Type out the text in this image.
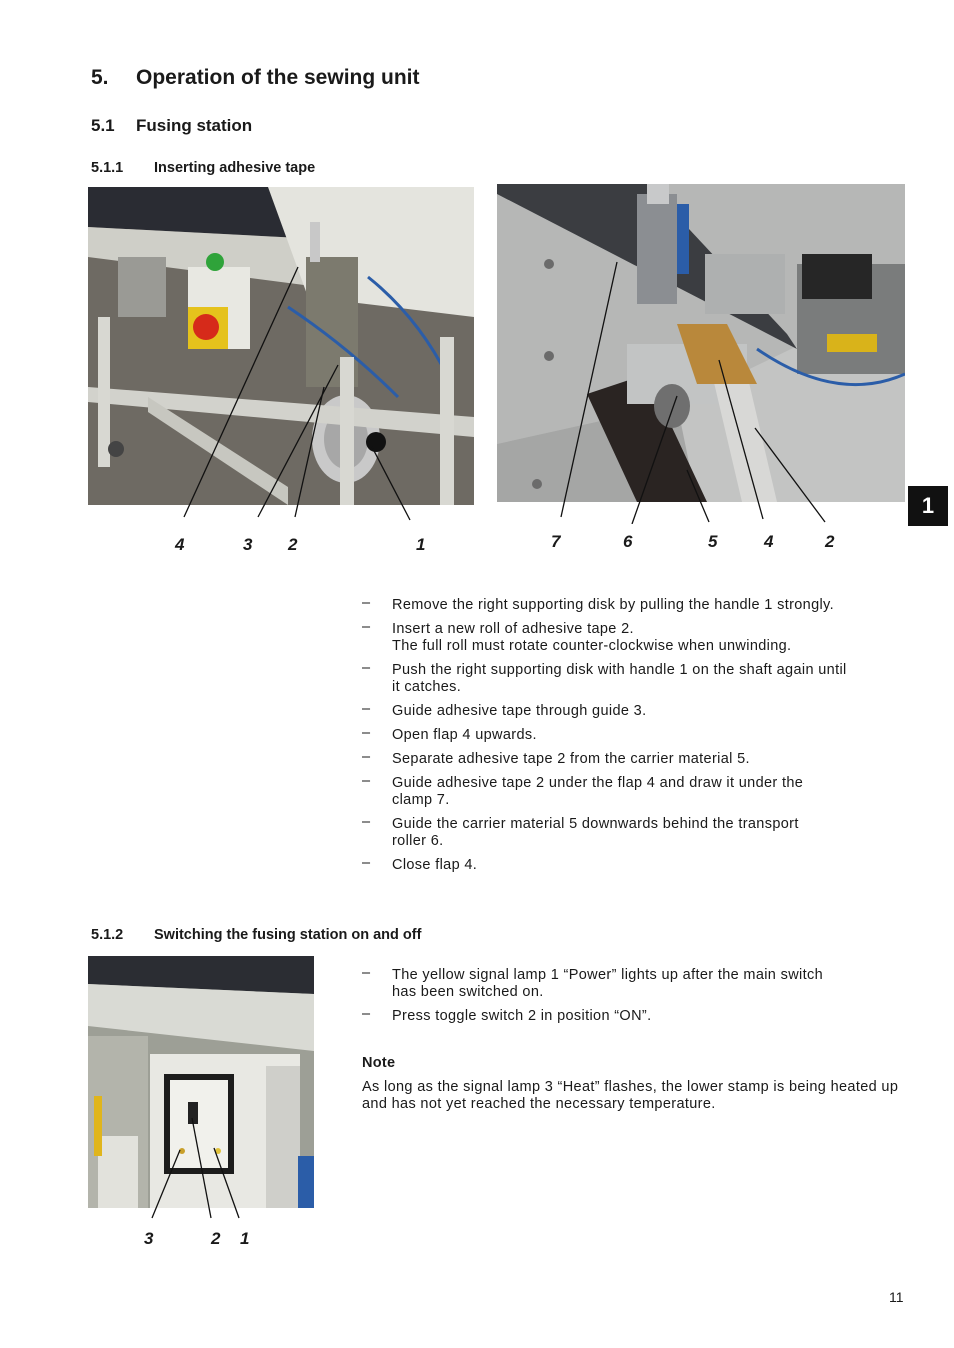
5. Operation of the sewing unit
5.1 Fusing station
5.1.1 Inserting adhesive tape
4	3 2	1	7	6	5	4	2
1
– Remove the right supporting disk by pulling the handle 1 strongly.
– Insert a new roll of adhesive tape 2.
The full roll must rotate counter-clockwise when unwinding.
– Push the right supporting disk with handle 1 on the shaft again until
it catches.
– Guide adhesive tape through guide 3.
– Open flap 4 upwards.
– Separate adhesive tape 2 from the carrier material 5.
– Guide adhesive tape 2 under the flap 4 and draw it under the
clamp 7.
– Guide the carrier material 5 downwards behind the transport
roller 6.
– Close flap 4.
5.1.2 Switching the fusing station on and off
3	2 1
– The yellow signal lamp 1 “Power” lights up after the main switch
has been switched on.
– Press toggle switch 2 in position “ON”.
Note
As long as the signal lamp 3 “Heat” flashes, the lower stamp is being heated up and has not yet reached the necessary temperature.
11
